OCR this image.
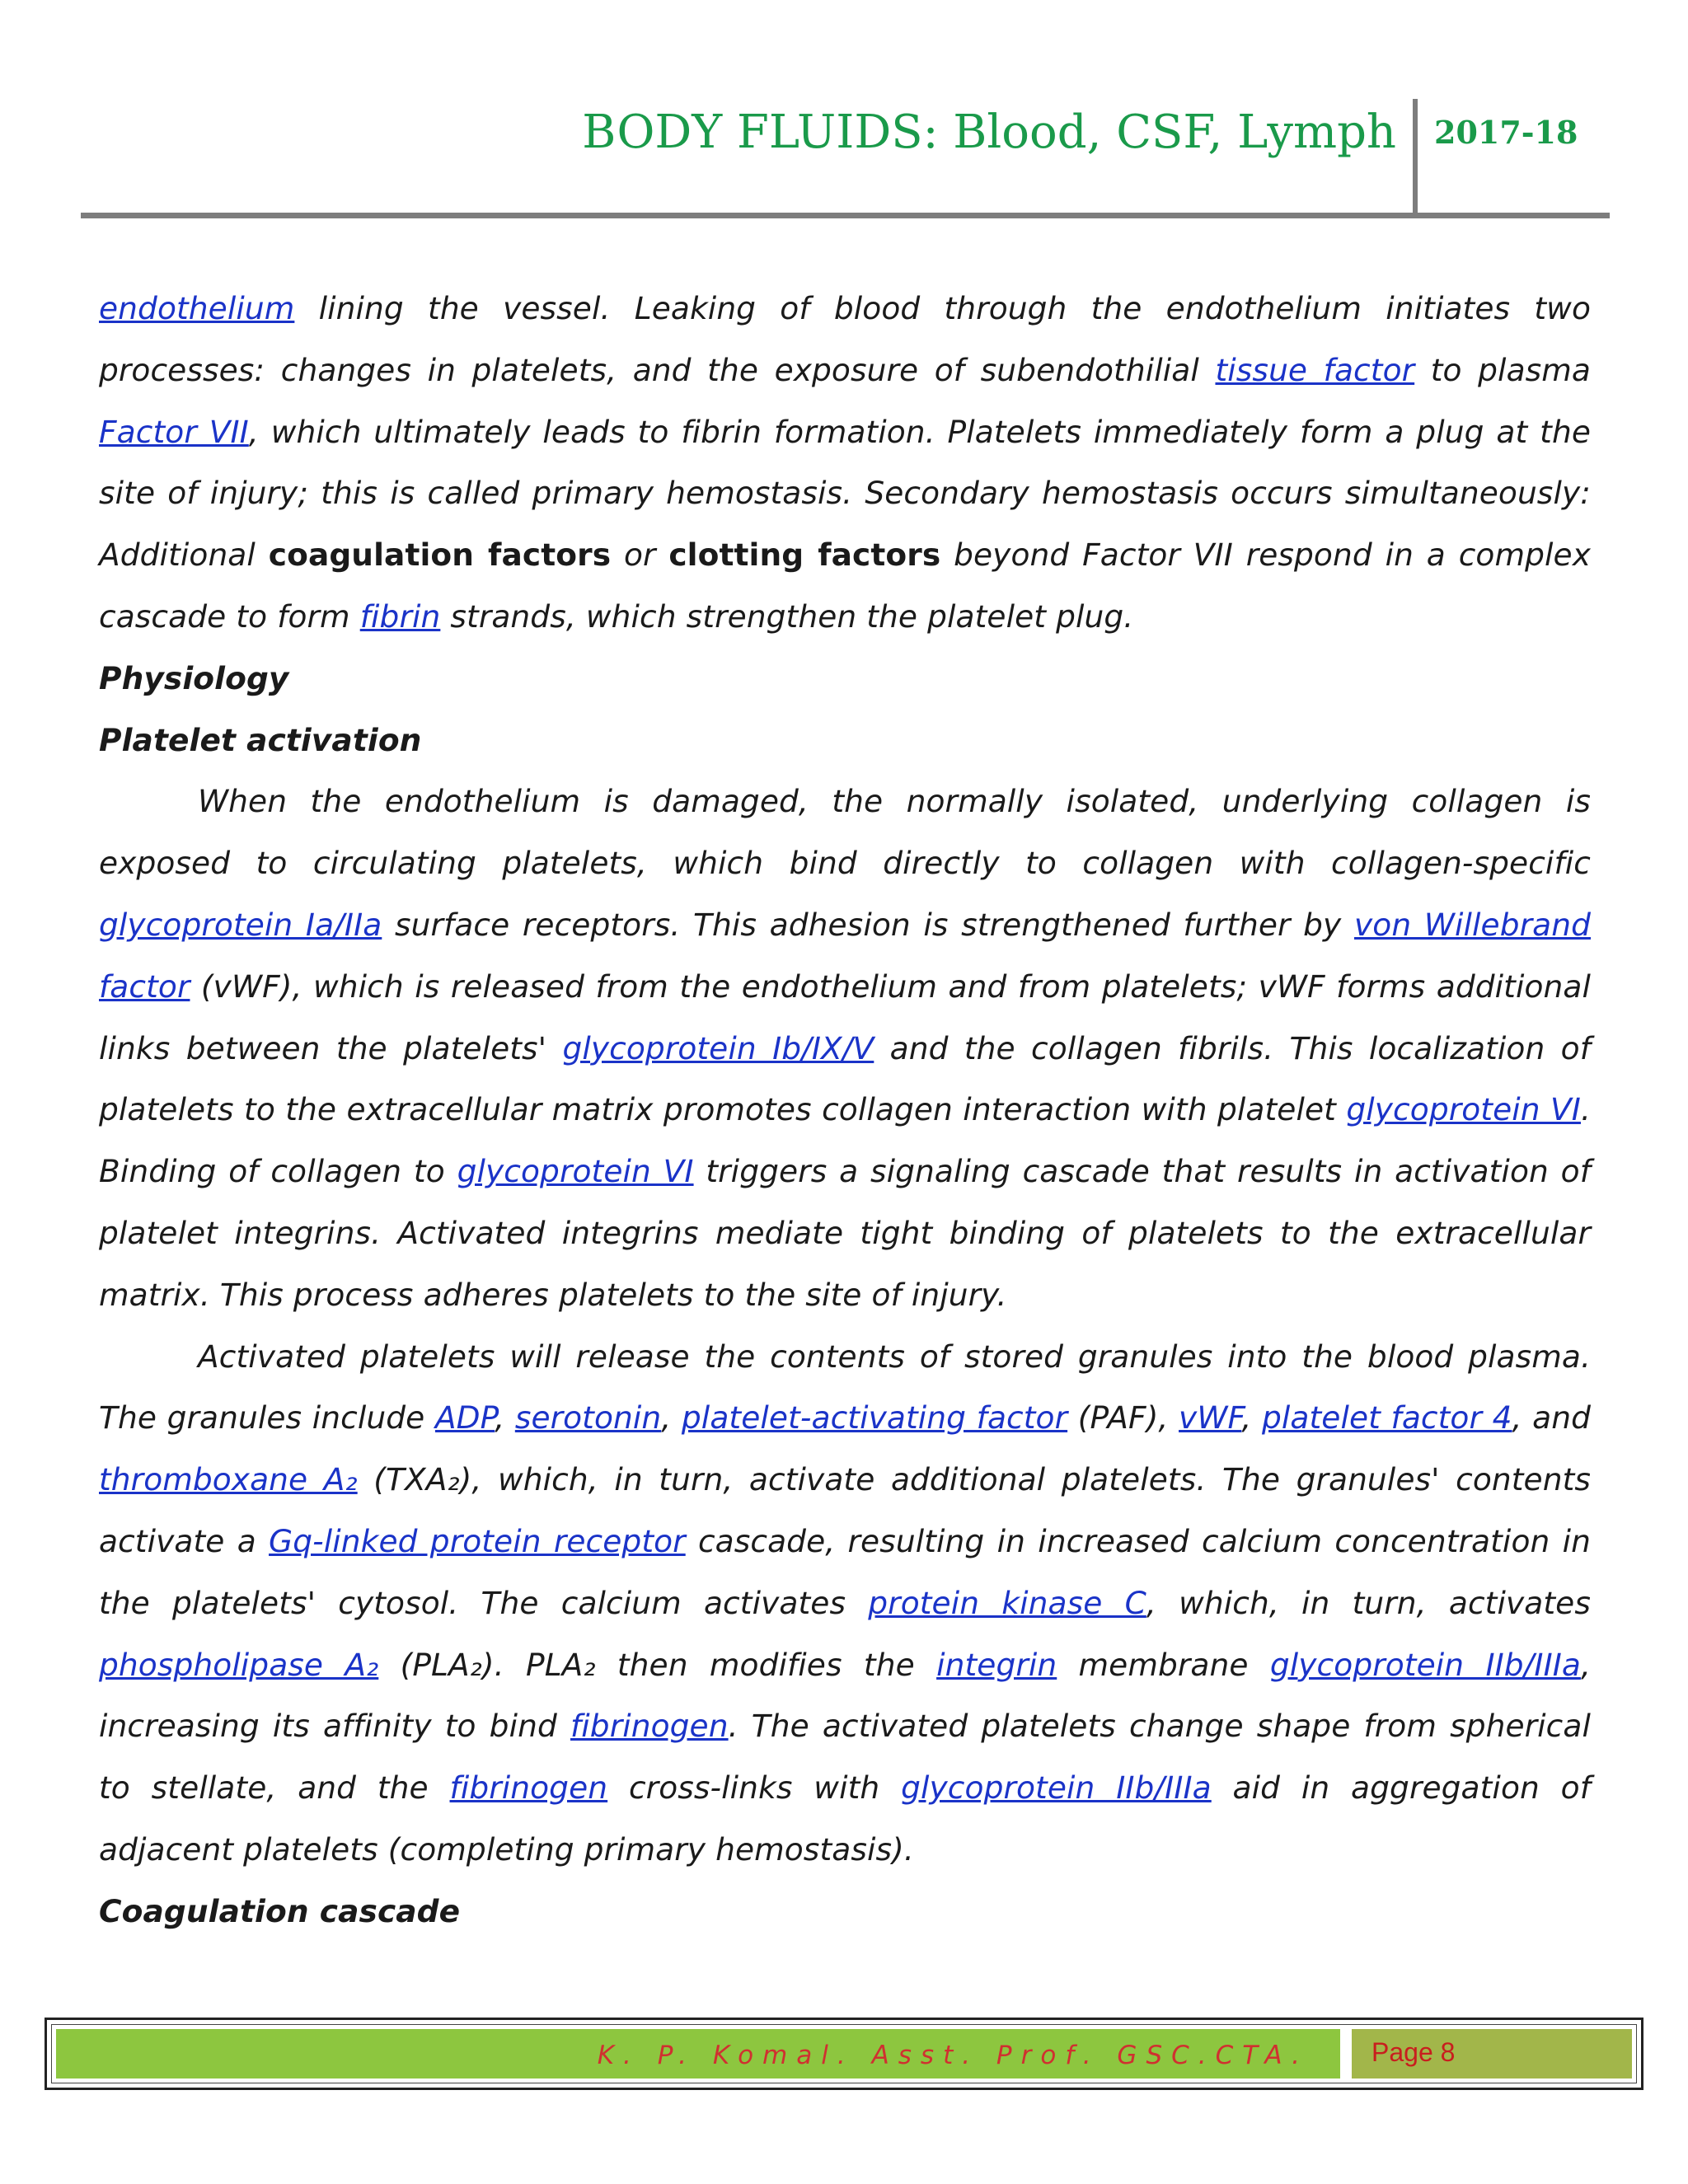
BODY FLUIDS: Blood, CSF, Lymph 2017-18

endothelium lining the vessel. Leaking of blood through the endothelium initiates two processes: changes in platelets, and the exposure of subendothilial tissue factor to plasma Factor VII, which ultimately leads to fibrin formation. Platelets immediately form a plug at the site of injury; this is called primary hemostasis. Secondary hemostasis occurs simultaneously: Additional coagulation factors or clotting factors beyond Factor VII respond in a complex cascade to form fibrin strands, which strengthen the platelet plug.

Physiology

Platelet activation

When the endothelium is damaged, the normally isolated, underlying collagen is exposed to circulating platelets, which bind directly to collagen with collagen-specific glycoprotein Ia/IIa surface receptors. This adhesion is strengthened further by von Willebrand factor (vWF), which is released from the endothelium and from platelets; vWF forms additional links between the platelets' glycoprotein Ib/IX/V and the collagen fibrils. This localization of platelets to the extracellular matrix promotes collagen interaction with platelet glycoprotein VI. Binding of collagen to glycoprotein VI triggers a signaling cascade that results in activation of platelet integrins. Activated integrins mediate tight binding of platelets to the extracellular matrix. This process adheres platelets to the site of injury.

Activated platelets will release the contents of stored granules into the blood plasma. The granules include ADP, serotonin, platelet-activating factor (PAF), vWF, platelet factor 4, and thromboxane A₂ (TXA₂), which, in turn, activate additional platelets. The granules' contents activate a Gq-linked protein receptor cascade, resulting in increased calcium concentration in the platelets' cytosol. The calcium activates protein kinase C, which, in turn, activates phospholipase A₂ (PLA₂). PLA₂ then modifies the integrin membrane glycoprotein IIb/IIIa, increasing its affinity to bind fibrinogen. The activated platelets change shape from spherical to stellate, and the fibrinogen cross-links with glycoprotein IIb/IIIa aid in aggregation of adjacent platelets (completing primary hemostasis).

Coagulation cascade

K. P. Komal. Asst. Prof. GSC.CTA. Page 8
